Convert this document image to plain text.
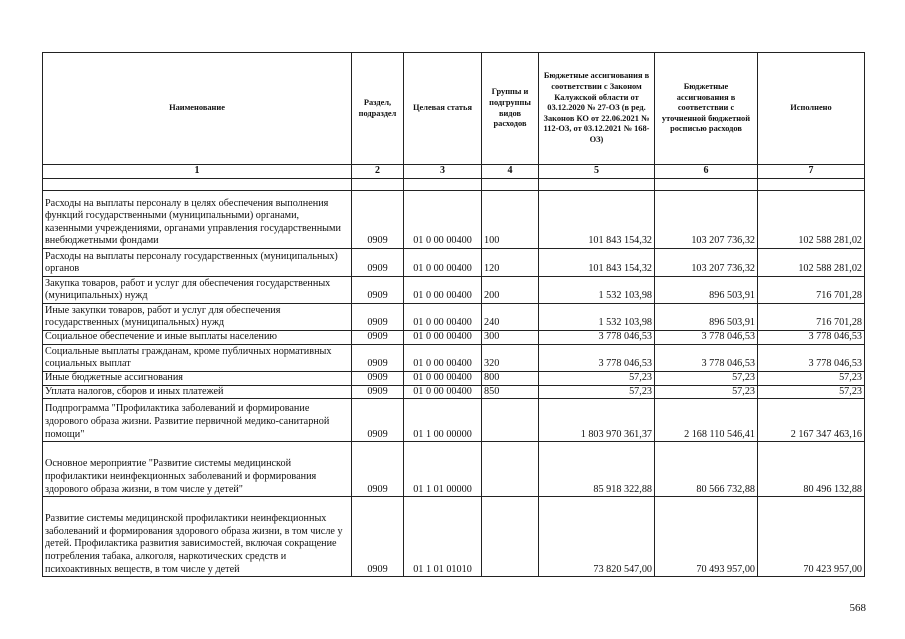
Наименование	Раздел, подраздел	Целевая статья	Группы и подгруппы видов расходов	Бюджетные ассигнования в соответствии с Законом Калужской области от 03.12.2020 № 27-ОЗ (в ред. Законов КО от 22.06.2021 № 112-ОЗ, от 03.12.2021 № 168-ОЗ)	Бюджетные ассигнования в соответствии с уточненной бюджетной росписью расходов	Исполнено
1	2	3	4	5	6	7

Расходы на выплаты персоналу в целях обеспечения выполнения функций государственными (муниципальными) органами, казенными учреждениями, органами управления государственными внебюджетными фондами	0909	01 0 00 00400	100	101 843 154,32	103 207 736,32	102 588 281,02
Расходы на выплаты персоналу государственных (муниципальных) органов	0909	01 0 00 00400	120	101 843 154,32	103 207 736,32	102 588 281,02
Закупка товаров, работ и услуг для обеспечения государственных (муниципальных) нужд	0909	01 0 00 00400	200	1 532 103,98	896 503,91	716 701,28
Иные закупки товаров, работ и услуг для обеспечения государственных (муниципальных) нужд	0909	01 0 00 00400	240	1 532 103,98	896 503,91	716 701,28
Социальное обеспечение и иные выплаты населению	0909	01 0 00 00400	300	3 778 046,53	3 778 046,53	3 778 046,53
Социальные выплаты гражданам, кроме публичных нормативных социальных выплат	0909	01 0 00 00400	320	3 778 046,53	3 778 046,53	3 778 046,53
Иные бюджетные ассигнования	0909	01 0 00 00400	800	57,23	57,23	57,23
Уплата налогов, сборов и иных платежей	0909	01 0 00 00400	850	57,23	57,23	57,23
Подпрограмма "Профилактика заболеваний и формирование здорового образа жизни. Развитие первичной медико-санитарной помощи"	0909	01 1 00 00000		1 803 970 361,37	2 168 110 546,41	2 167 347 463,16
Основное мероприятие "Развитие системы медицинской профилактики неинфекционных заболеваний и формирования здорового образа жизни, в том числе у детей"	0909	01 1 01 00000		85 918 322,88	80 566 732,88	80 496 132,88
Развитие системы медицинской профилактики неинфекционных заболеваний и формирования здорового образа жизни, в том числе у детей. Профилактика развития зависимостей, включая сокращение потребления табака, алкоголя, наркотических средств и психоактивных веществ, в том числе у детей	0909	01 1 01 01010		73 820 547,00	70 493 957,00	70 423 957,00
568
